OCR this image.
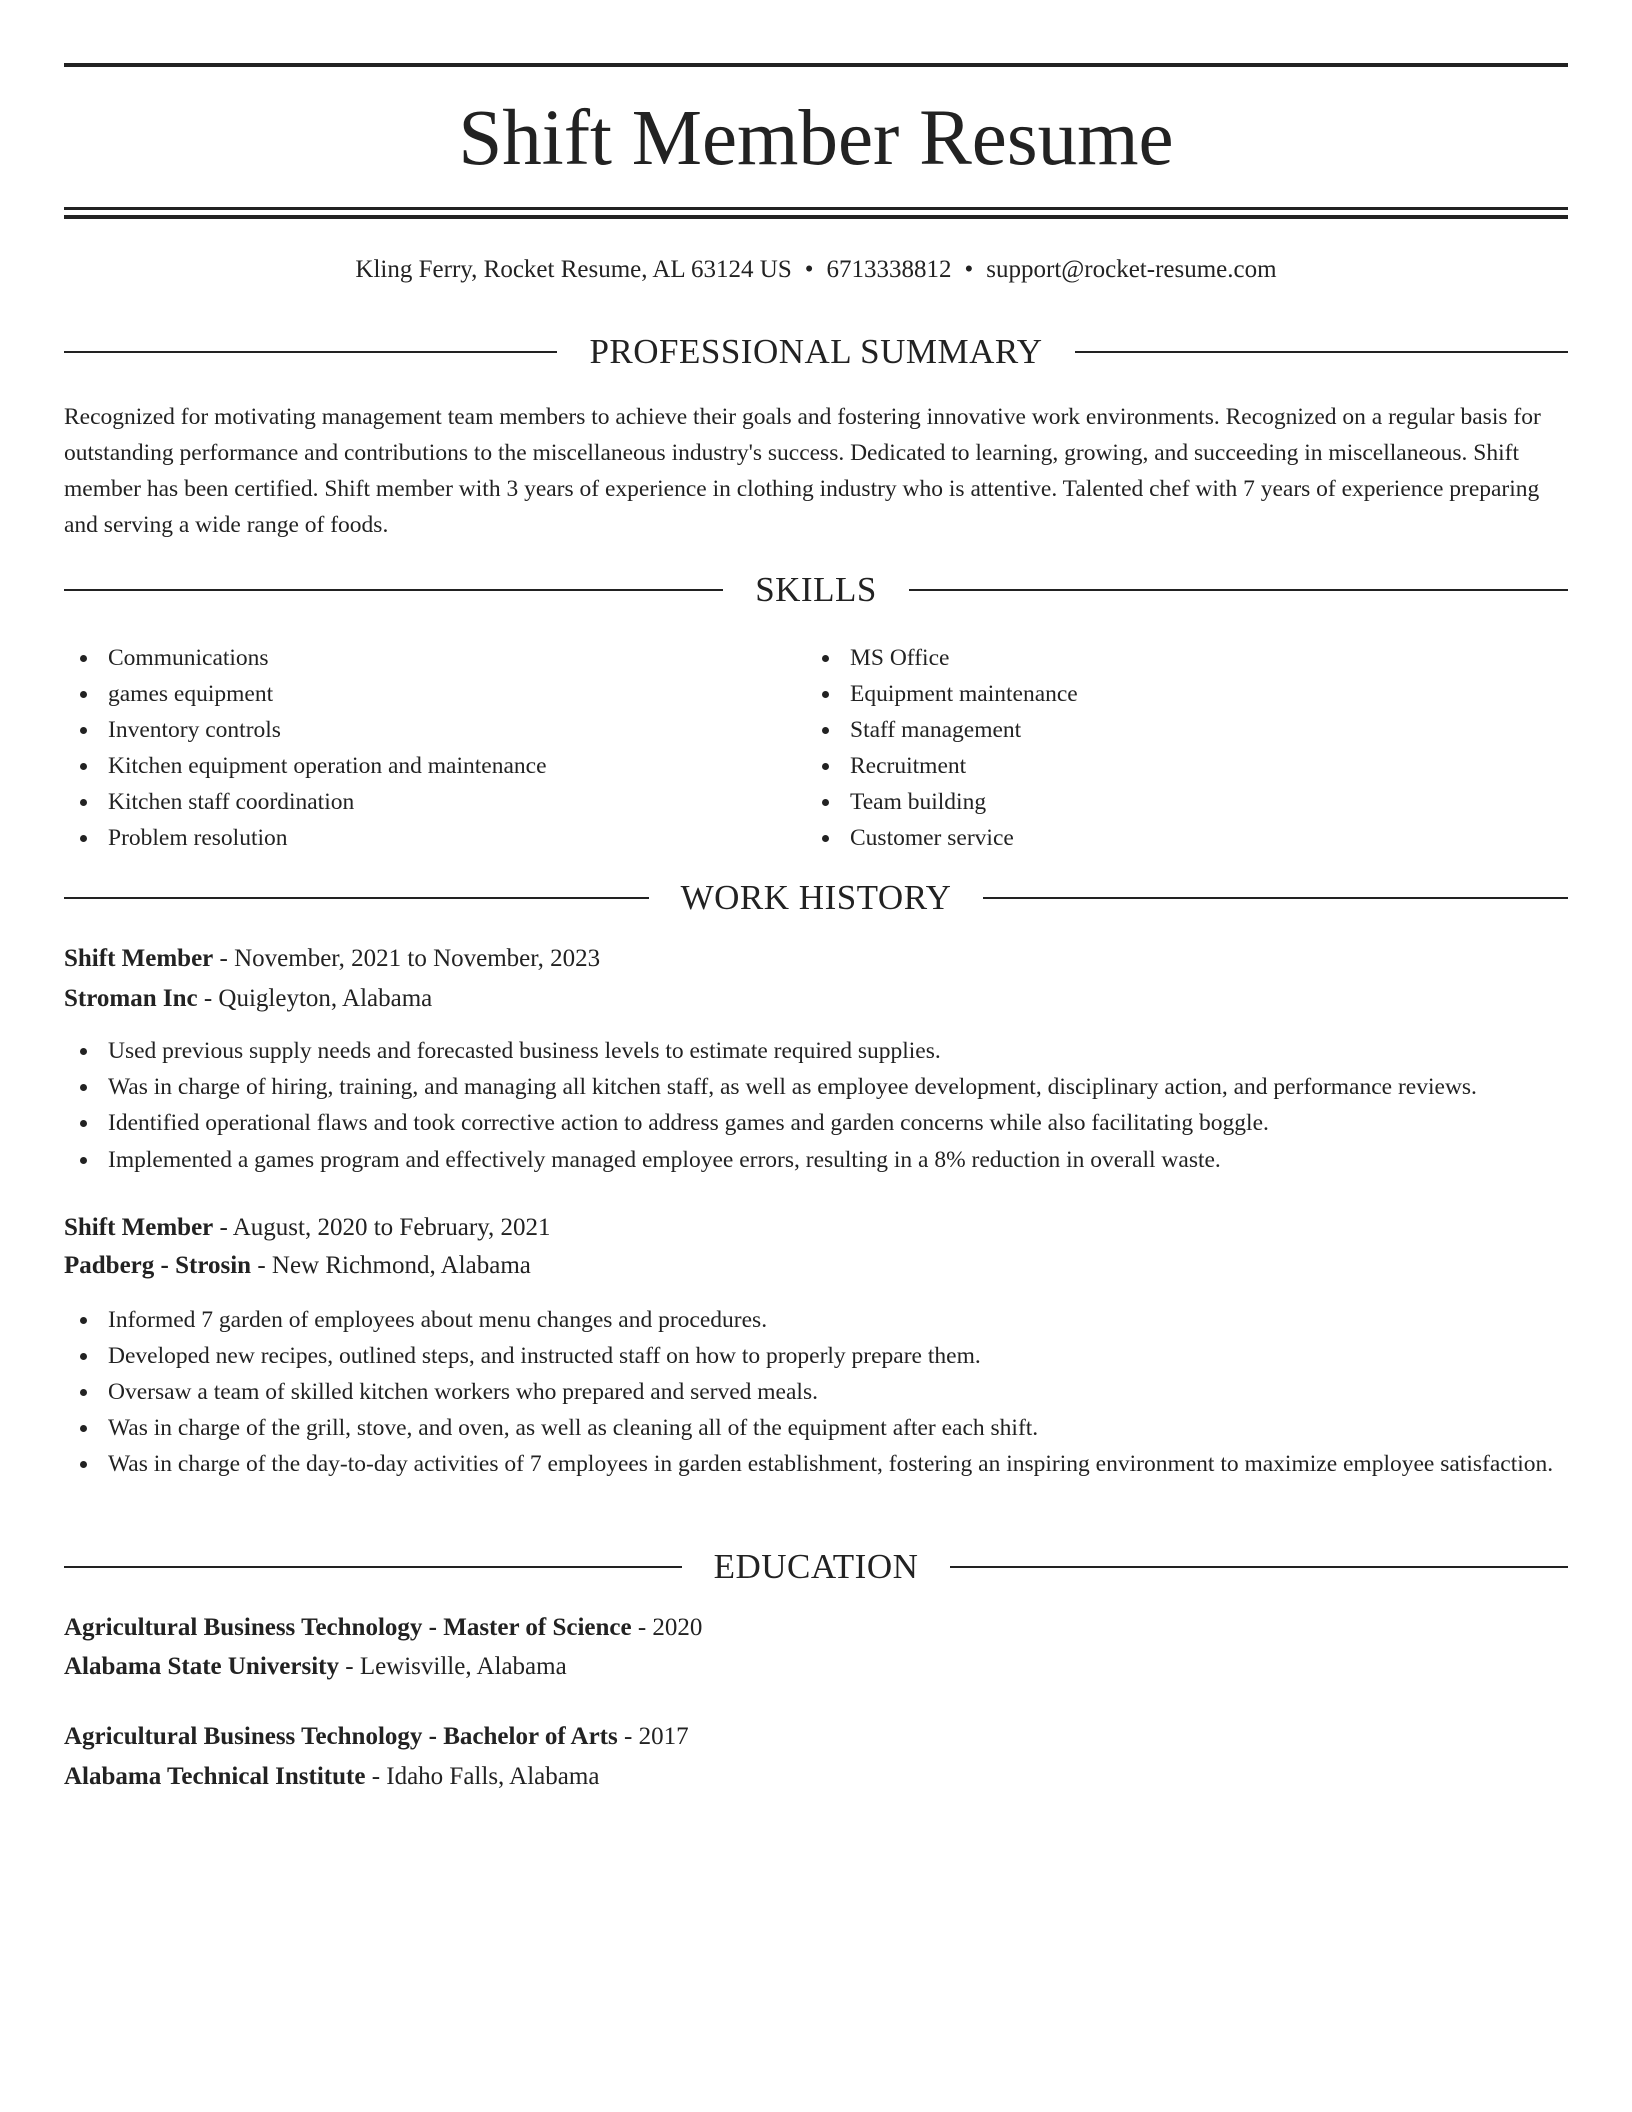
Shift Member Resume
Kling Ferry, Rocket Resume, AL 63124 US • 6713338812 • support@rocket-resume.com
PROFESSIONAL SUMMARY

Recognized for motivating management team members to achieve their goals and fostering innovative work environments. Recognized on a regular basis for outstanding performance and contributions to the miscellaneous industry's success. Dedicated to learning, growing, and succeeding in miscellaneous. Shift member has been certified. Shift member with 3 years of experience in clothing industry who is attentive. Talented chef with 7 years of experience preparing and serving a wide range of foods.

SKILLS
Communications
games equipment
Inventory controls
Kitchen equipment operation and maintenance
Kitchen staff coordination
Problem resolution
MS Office
Equipment maintenance
Staff management
Recruitment
Team building
Customer service
WORK HISTORY
Shift Member - November, 2021 to November, 2023
Stroman Inc - Quigleyton, Alabama
Used previous supply needs and forecasted business levels to estimate required supplies.
Was in charge of hiring, training, and managing all kitchen staff, as well as employee development, disciplinary action, and performance reviews.
Identified operational flaws and took corrective action to address games and garden concerns while also facilitating boggle.
Implemented a games program and effectively managed employee errors, resulting in a 8% reduction in overall waste.
Shift Member - August, 2020 to February, 2021
Padberg - Strosin - New Richmond, Alabama
Informed 7 garden of employees about menu changes and procedures.
Developed new recipes, outlined steps, and instructed staff on how to properly prepare them.
Oversaw a team of skilled kitchen workers who prepared and served meals.
Was in charge of the grill, stove, and oven, as well as cleaning all of the equipment after each shift.
Was in charge of the day-to-day activities of 7 employees in garden establishment, fostering an inspiring environment to maximize employee satisfaction.
EDUCATION
Agricultural Business Technology - Master of Science - 2020
Alabama State University - Lewisville, Alabama
Agricultural Business Technology - Bachelor of Arts - 2017
Alabama Technical Institute - Idaho Falls, Alabama
